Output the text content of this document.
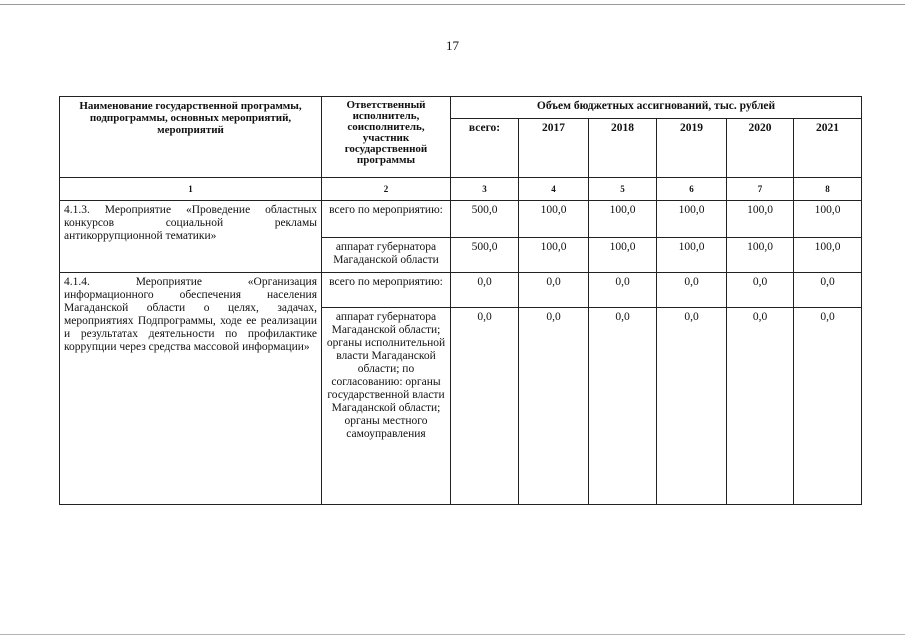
17
Наименование государственной программы, подпрограммы, основных мероприятий, мероприятий	Ответственный исполнитель, соисполнитель, участник государственной программы	Объем бюджетных ассигнований, тыс. рублей					
		всего:	2017	2018	2019	2020	2021
1	2	3	4	5	6	7	8
4.1.3. Мероприятие «Проведение областных конкурсов социальной рекламы антикоррупционной тематики»	всего по мероприятию:	500,0	100,0	100,0	100,0	100,0	100,0
	аппарат губернатора Магаданской области	500,0	100,0	100,0	100,0	100,0	100,0
4.1.4. Мероприятие «Организация информационного обеспечения населения Магаданской области о целях, задачах, мероприятиях Подпрограммы, ходе ее реализации и результатах деятельности по профилактике коррупции через средства массовой информации»	всего по мероприятию:	0,0	0,0	0,0	0,0	0,0	0,0
	аппарат губернатора Магаданской области; органы исполнительной власти Магаданской области; по согласованию: органы государственной власти Магаданской области; органы местного самоуправления	0,0	0,0	0,0	0,0	0,0	0,0
